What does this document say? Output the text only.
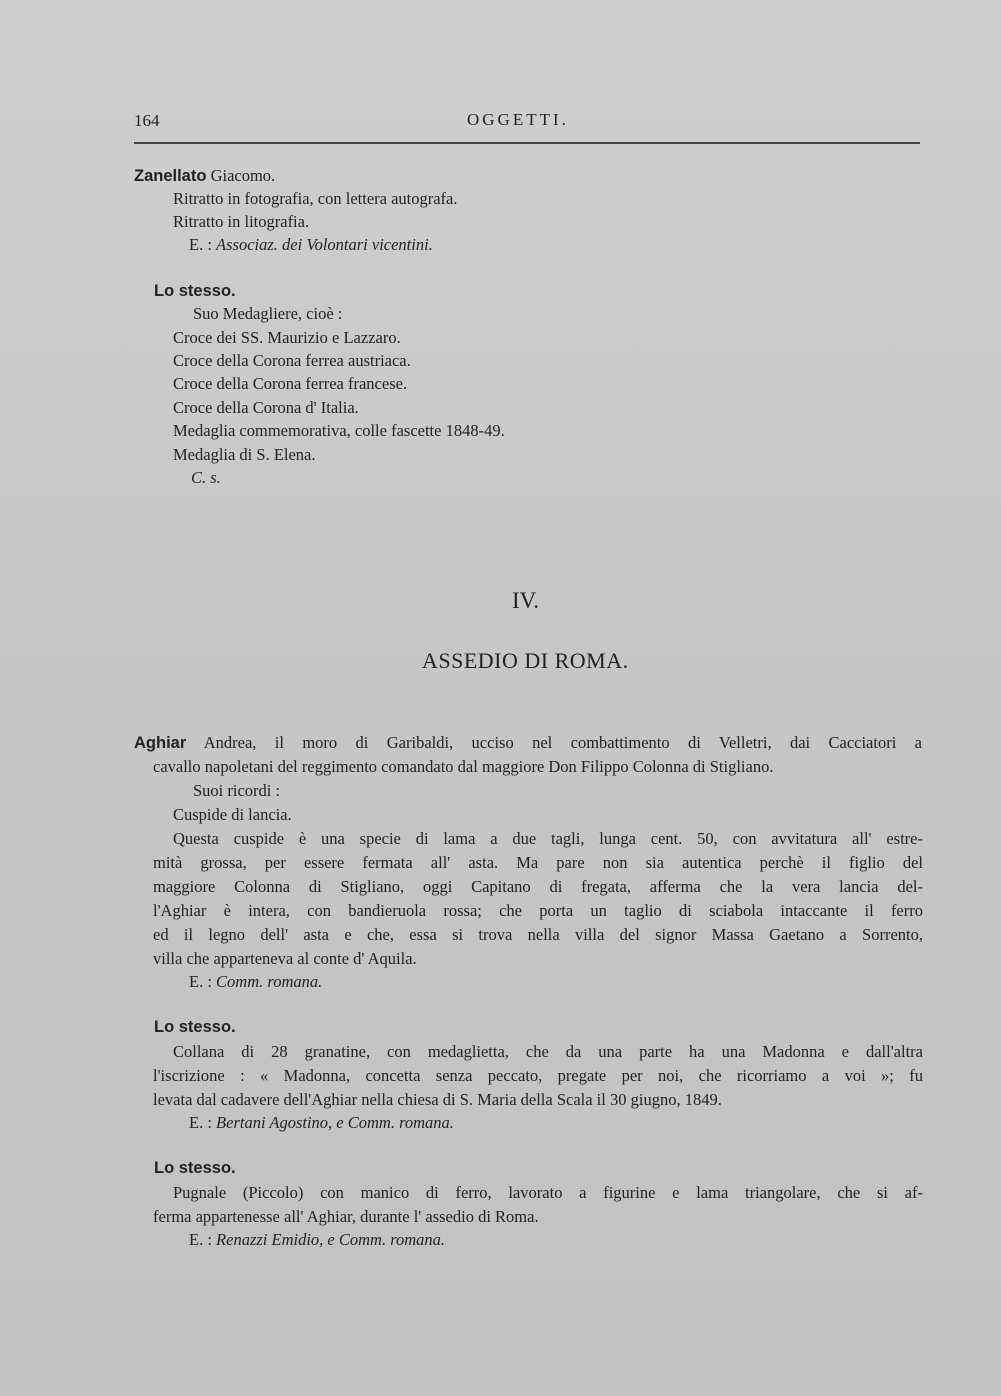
164	OGGETTI.
Zanellato Giacomo.
Ritratto in fotografia, con lettera autografa.
Ritratto in litografia.
E. : Associaz. dei Volontari vicentini.
Lo stesso.
Suo Medagliere, cioè :
Croce dei SS. Maurizio e Lazzaro.
Croce della Corona ferrea austriaca.
Croce della Corona ferrea francese.
Croce della Corona d' Italia.
Medaglia commemorativa, colle fascette 1848-49.
Medaglia di S. Elena.
C. s.
IV.
ASSEDIO DI ROMA.
Aghiar Andrea, il moro di Garibaldi, ucciso nel combattimento di Velletri, dai Cacciatori a
cavallo napoletani del reggimento comandato dal maggiore Don Filippo Colonna di Stigliano.
Suoi ricordi :
Cuspide di lancia.
Questa cuspide è una specie di lama a due tagli, lunga cent. 50, con avvitatura all' estre-
mità grossa, per essere fermata all' asta. Ma pare non sia autentica perchè il figlio del
maggiore Colonna di Stigliano, oggi Capitano di fregata, afferma che la vera lancia del-
l'Aghiar è intera, con bandieruola rossa; che porta un taglio di sciabola intaccante il ferro
ed il legno dell' asta e che, essa si trova nella villa del signor Massa Gaetano a Sorrento,
villa che apparteneva al conte d' Aquila.
E. : Comm. romana.
Lo stesso.
Collana di 28 granatine, con medaglietta, che da una parte ha una Madonna e dall'altra
l'iscrizione : « Madonna, concetta senza peccato, pregate per noi, che ricorriamo a voi »; fu
levata dal cadavere dell'Aghiar nella chiesa di S. Maria della Scala il 30 giugno, 1849.
E. : Bertani Agostino, e Comm. romana.
Lo stesso.
Pugnale (Piccolo) con manico di ferro, lavorato a figurine e lama triangolare, che si af-
ferma appartenesse all' Aghiar, durante l' assedio di Roma.
E. : Renazzi Emidio, e Comm. romana.
